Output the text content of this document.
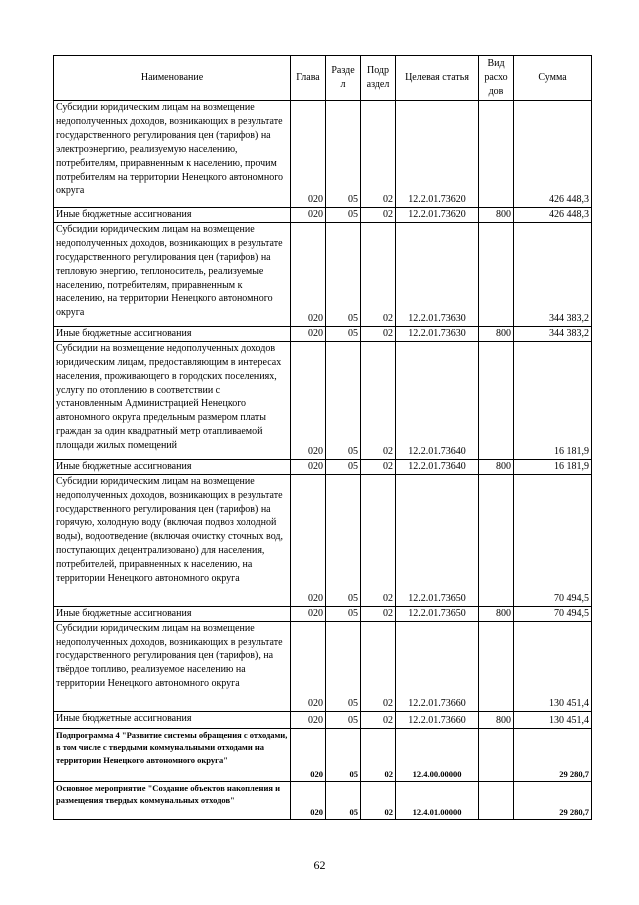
Наименование	Глава	Разде л	Подр аздел	Целевая статья	Вид расхо дов	Сумма
Субсидии юридическим лицам на возмещение недополученных доходов, возникающих в результате государственного регулирования цен (тарифов) на электроэнергию, реализуемую населению, потребителям, приравненным к населению, прочим потребителям на территории Ненецкого автономного округа	020	05	02	12.2.01.73620		426 448,3
Иные бюджетные ассигнования	020	05	02	12.2.01.73620	800	426 448,3
Субсидии юридическим лицам на возмещение недополученных доходов, возникающих в результате государственного регулирования цен (тарифов) на тепловую энергию, теплоноситель, реализуемые населению, потребителям, приравненным к населению, на территории Ненецкого автономного округа	020	05	02	12.2.01.73630		344 383,2
Иные бюджетные ассигнования	020	05	02	12.2.01.73630	800	344 383,2
Субсидии на возмещение недополученных доходов юридическим лицам, предоставляющим в интересах населения, проживающего в городских поселениях, услугу по отоплению в соответствии с установленным Администрацией Ненецкого автономного округа предельным размером платы граждан за один квадратный метр отапливаемой площади жилых помещений	020	05	02	12.2.01.73640		16 181,9
Иные бюджетные ассигнования	020	05	02	12.2.01.73640	800	16 181,9
Субсидии юридическим лицам на возмещение недополученных доходов, возникающих в результате государственного регулирования цен (тарифов) на горячую, холодную воду (включая подвоз холодной воды), водоотведение (включая очистку сточных вод, поступающих децентрализовано) для населения, потребителей, приравненных к населению, на территории Ненецкого автономного округа	020	05	02	12.2.01.73650		70 494,5
Иные бюджетные ассигнования	020	05	02	12.2.01.73650	800	70 494,5
Субсидии юридическим лицам на возмещение недополученных доходов, возникающих в результате государственного регулирования цен (тарифов), на твёрдое топливо, реализуемое населению на территории Ненецкого автономного округа	020	05	02	12.2.01.73660		130 451,4
Иные бюджетные ассигнования	020	05	02	12.2.01.73660	800	130 451,4
Подпрограмма 4 "Развитие системы обращения с отходами, в том числе с твердыми коммунальными отходами на территории Ненецкого автономного округа"	020	05	02	12.4.00.00000		29 280,7
Основное мероприятие "Создание объектов накопления и размещения твердых коммунальных отходов"	020	05	02	12.4.01.00000		29 280,7
62
